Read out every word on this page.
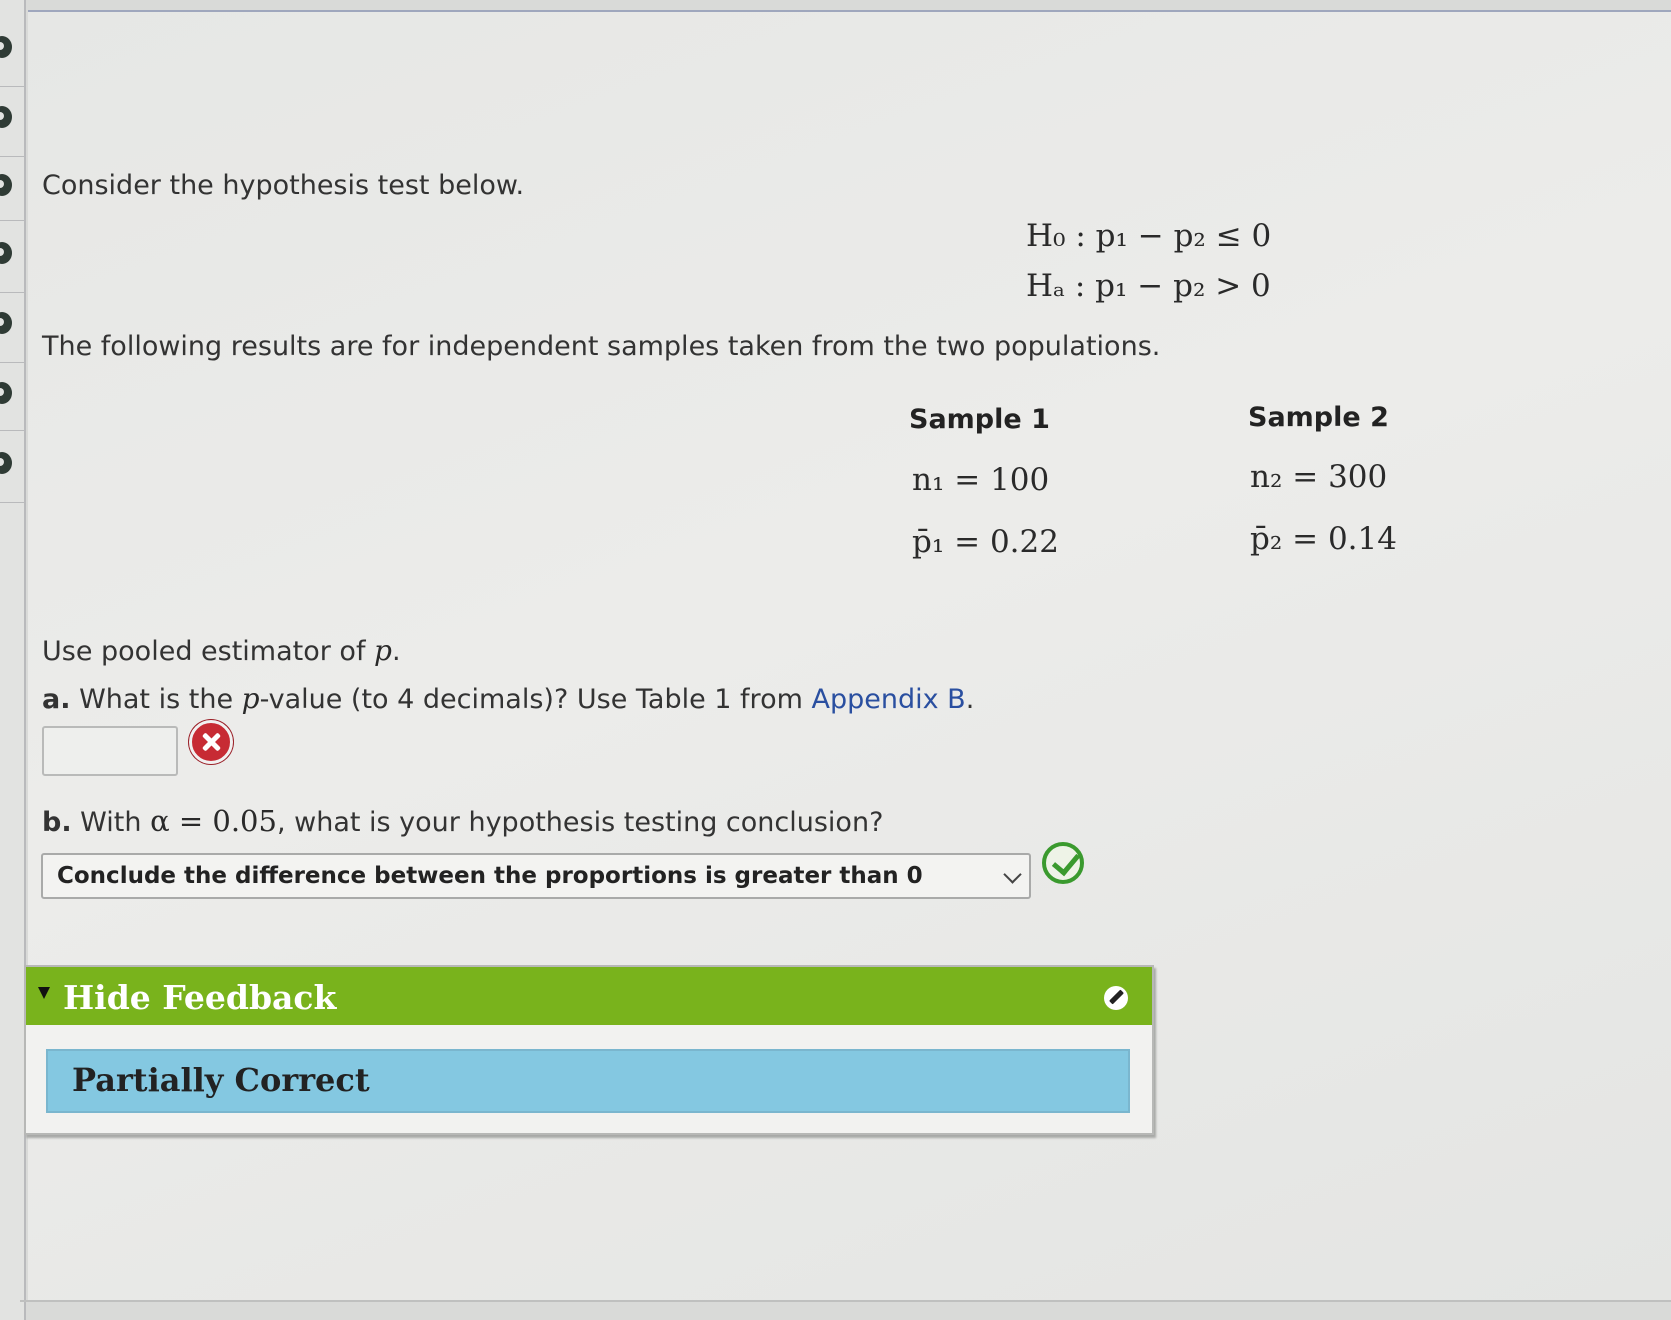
Consider the hypothesis test below.
H₀ : p₁ − p₂ ≤ 0
Hₐ : p₁ − p₂ > 0
The following results are for independent samples taken from the two populations.
Sample 1
n₁ = 100
p̄₁ = 0.22
Sample 2
n₂ = 300
p̄₂ = 0.14
Use pooled estimator of p.
a. What is the p-value (to 4 decimals)? Use Table 1 from Appendix B.
b. With α = 0.05, what is your hypothesis testing conclusion?
Conclude the difference between the proportions is greater than 0
Hide Feedback
Partially Correct
